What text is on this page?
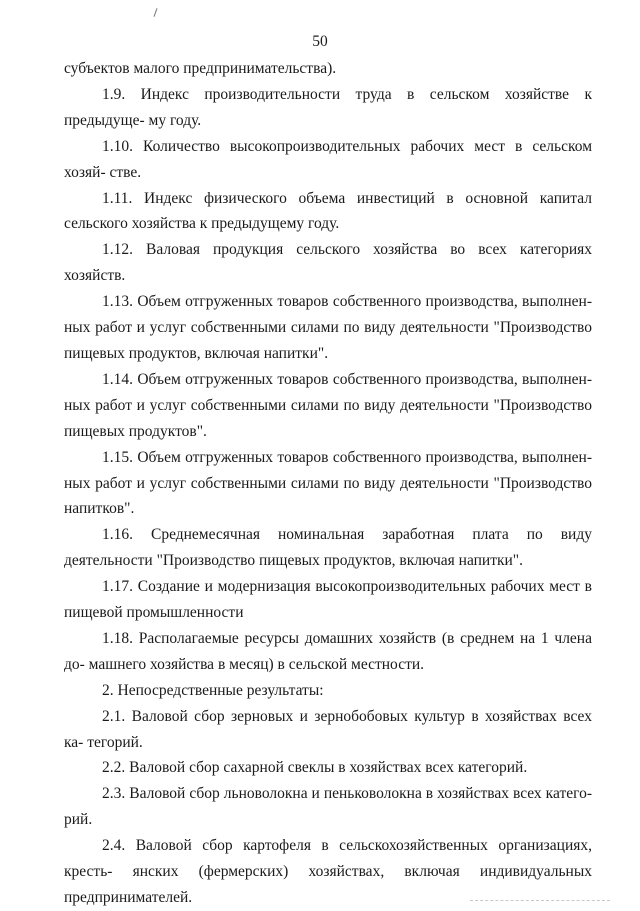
50

субъектов малого предпринимательства).

1.9. Индекс производительности труда в сельском хозяйстве к предыдуще- му году.

1.10. Количество высокопроизводительных рабочих мест в сельском хозяй- стве.

1.11. Индекс физического объема инвестиций в основной капитал сельского хозяйства к предыдущему году.

1.12. Валовая продукция сельского хозяйства во всех категориях хозяйств.

1.13. Объем отгруженных товаров собственного производства, выполнен- ных работ и услуг собственными силами по виду деятельности "Производство пищевых продуктов, включая напитки".

1.14. Объем отгруженных товаров собственного производства, выполнен- ных работ и услуг собственными силами по виду деятельности "Производство пищевых продуктов".

1.15. Объем отгруженных товаров собственного производства, выполнен- ных работ и услуг собственными силами по виду деятельности "Производство напитков".

1.16. Среднемесячная номинальная заработная плата по виду деятельности "Производство пищевых продуктов, включая напитки".

1.17. Создание и модернизация высокопроизводительных рабочих мест в пищевой промышленности

1.18. Располагаемые ресурсы домашних хозяйств (в среднем на 1 члена до- машнего хозяйства в месяц) в сельской местности.

2. Непосредственные результаты:

2.1. Валовой сбор зерновых и зернобобовых культур в хозяйствах всех ка- тегорий.

2.2. Валовой сбор сахарной свеклы в хозяйствах всех категорий.

2.3. Валовой сбор льноволокна и пеньковолокна в хозяйствах всех катего- рий.

2.4. Валовой сбор картофеля в сельскохозяйственных организациях, кресть- янских (фермерских) хозяйствах, включая индивидуальных предпринимателей.
